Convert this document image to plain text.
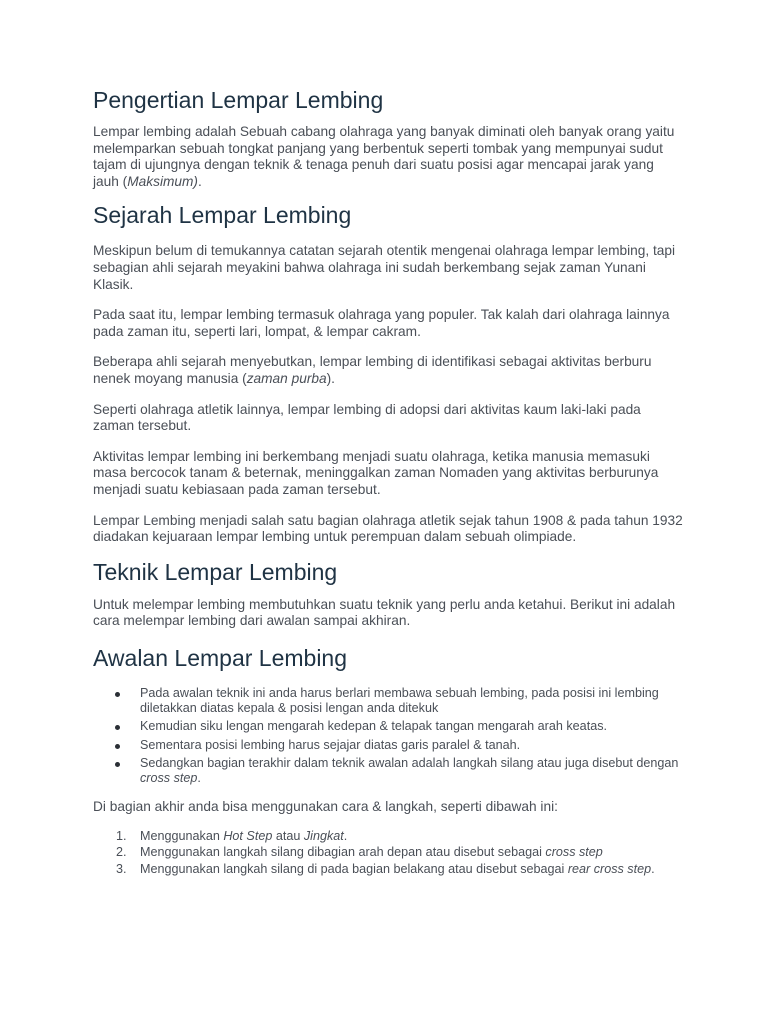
Pengertian Lempar Lembing

Lempar lembing adalah Sebuah cabang olahraga yang banyak diminati oleh banyak orang yaitu melemparkan sebuah tongkat panjang yang berbentuk seperti tombak yang mempunyai sudut tajam di ujungnya dengan teknik & tenaga penuh dari suatu posisi agar mencapai jarak yang jauh (Maksimum).

Sejarah Lempar Lembing

Meskipun belum di temukannya catatan sejarah otentik mengenai olahraga lempar lembing, tapi sebagian ahli sejarah meyakini bahwa olahraga ini sudah berkembang sejak zaman Yunani Klasik.

Pada saat itu, lempar lembing termasuk olahraga yang populer. Tak kalah dari olahraga lainnya pada zaman itu, seperti lari, lompat, & lempar cakram.

Beberapa ahli sejarah menyebutkan, lempar lembing di identifikasi sebagai aktivitas berburu nenek moyang manusia (zaman purba).

Seperti olahraga atletik lainnya, lempar lembing di adopsi dari aktivitas kaum laki-laki pada zaman tersebut.

Aktivitas lempar lembing ini berkembang menjadi suatu olahraga, ketika manusia memasuki masa bercocok tanam & beternak, meninggalkan zaman Nomaden yang aktivitas berburunya menjadi suatu kebiasaan pada zaman tersebut.

Lempar Lembing menjadi salah satu bagian olahraga atletik sejak tahun 1908 & pada tahun 1932 diadakan kejuaraan lempar lembing untuk perempuan dalam sebuah olimpiade.

Teknik Lempar Lembing

Untuk melempar lembing membutuhkan suatu teknik yang perlu anda ketahui. Berikut ini adalah cara melempar lembing dari awalan sampai akhiran.

Awalan Lempar Lembing
Pada awalan teknik ini anda harus berlari membawa sebuah lembing, pada posisi ini lembing diletakkan diatas kepala & posisi lengan anda ditekuk
Kemudian siku lengan mengarah kedepan & telapak tangan mengarah arah keatas.
Sementara posisi lembing harus sejajar diatas garis paralel & tanah.
Sedangkan bagian terakhir dalam teknik awalan adalah langkah silang atau juga disebut dengan cross step.

Di bagian akhir anda bisa menggunakan cara & langkah, seperti dibawah ini:

1. Menggunakan Hot Step atau Jingkat.
2. Menggunakan langkah silang dibagian arah depan atau disebut sebagai cross step
3. Menggunakan langkah silang di pada bagian belakang atau disebut sebagai rear cross step.
